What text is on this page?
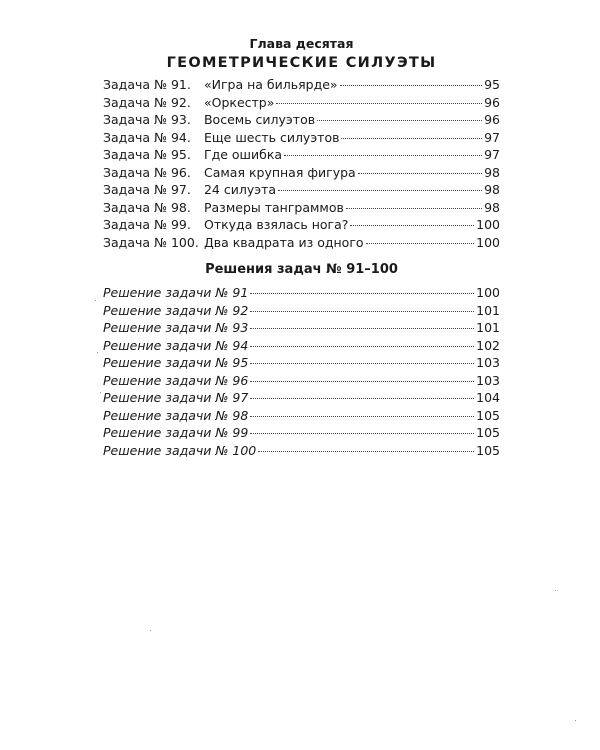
Глава десятая
ГЕОМЕТРИЧЕСКИЕ СИЛУЭТЫ
Задача № 91. «Игра на бильярде»	95
Задача № 92. «Оркестр»	96
Задача № 93. Восемь силуэтов	96
Задача № 94. Еще шесть силуэтов	97
Задача № 95. Где ошибка	97
Задача № 96. Самая крупная фигура	98
Задача № 97. 24 силуэта	98
Задача № 98. Размеры танграммов	98
Задача № 99. Откуда взялась нога?	100
Задача № 100. Два квадрата из одного	100
Решения задач № 91–100
Решение задачи № 91	100
Решение задачи № 92	101
Решение задачи № 93	101
Решение задачи № 94	102
Решение задачи № 95	103
Решение задачи № 96	103
Решение задачи № 97	104
Решение задачи № 98	105
Решение задачи № 99	105
Решение задачи № 100	105
